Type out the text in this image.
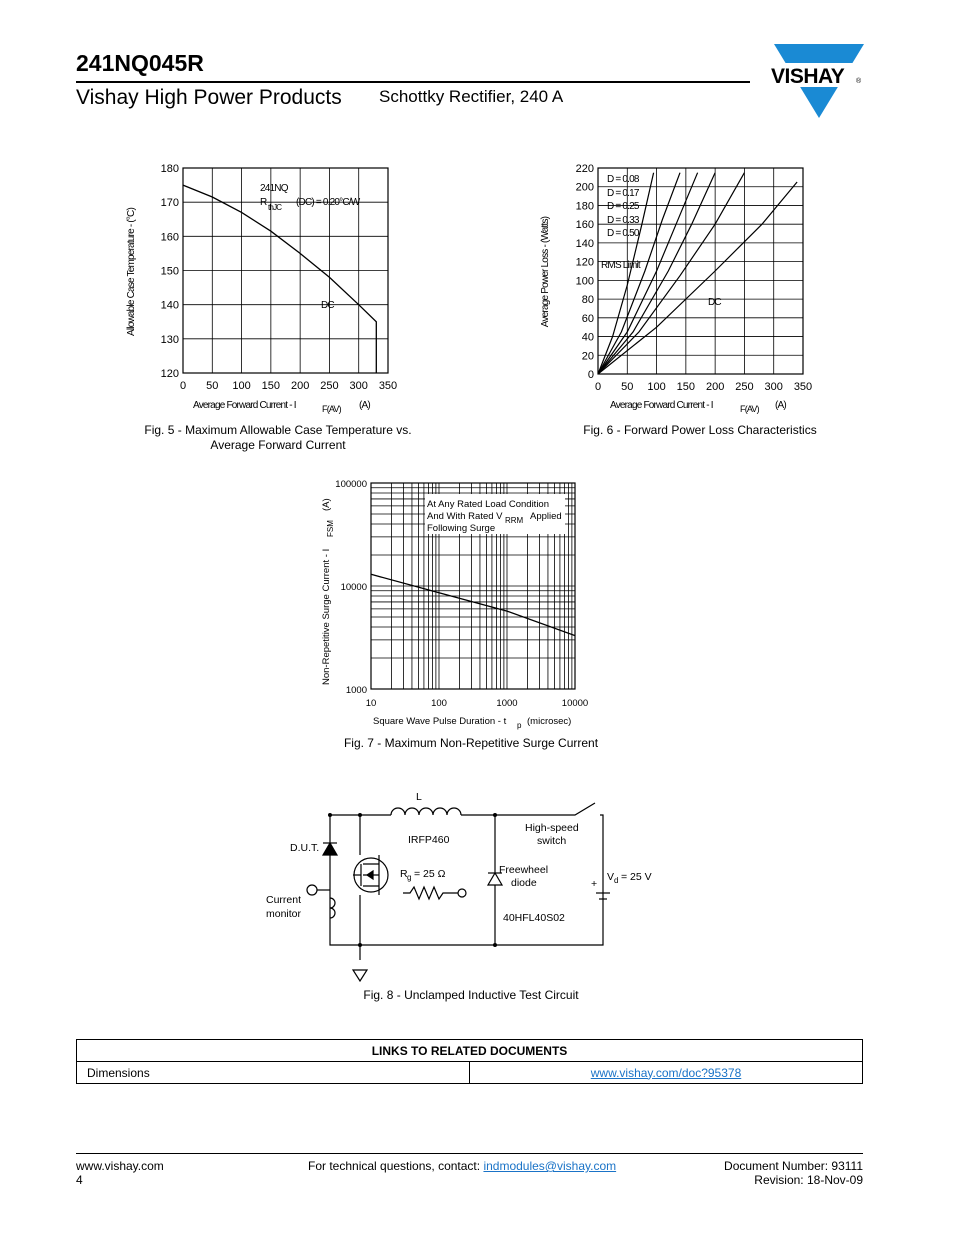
241NQ045R
Vishay High Power Products Schottky Rectifier, 240 A
VISHAY ®
0 50 100 150 200 250 300 350
120
130
140
150
160
170
180
241NQ
R thJC (DC) = 0.20°C/W
DC
Average Forward Current - I	F(AV) (A)
Allowable Case Temperature - (°C)
Fig. 5 - Maximum Allowable Case Temperature vs.
Average Forward Current
0 50 100 150 200 250 300 350
0
20
40
60
80
100
120
140
160
180
200
220
D = 0.08
D = 0.17
D = 0.25
D = 0.33
D = 0.50
RMS Limit
DC
Average Forward Current - I	F(AV) (A)
Average Power Loss - (Watts)
Fig. 6 - Forward Power Loss Characteristics
10	100	1000	10000
1000
10000
100000
At Any Rated Load Condition
And With Rated V RRM Applied
Following Surge
Square Wave Pulse Duration - t p (microsec)
Non-Repetitive Surge Current - I
FSM
(A)
Fig. 7 - Maximum Non-Repetitive Surge Current
L
High-speed
switch
D.U.T.
IRFP460
R g = 25 Ω	Freewheel
diode
40HFL40S02
V d = 25 V
+
Current
monitor
Fig. 8 - Unclamped Inductive Test Circuit
LINKS TO RELATED DOCUMENTS
Dimensions	www.vishay.com/doc?95378
www.vishay.com
4
For technical questions, contact: indmodules@vishay.com	Document Number: 93111
Revision: 18-Nov-09
